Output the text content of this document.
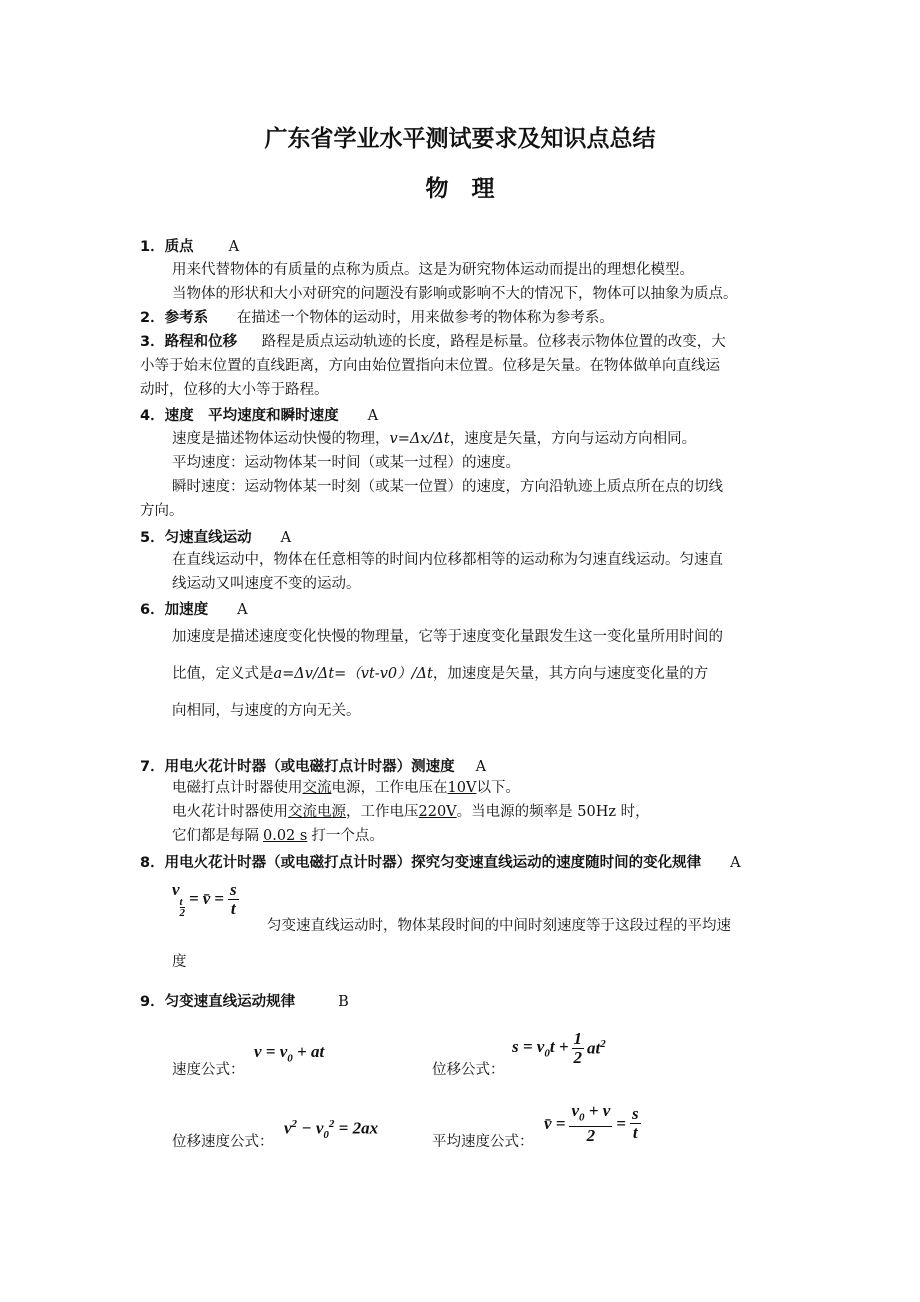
广东省学业水平测试要求及知识点总结
物　理
1．质点 A
用来代替物体的有质量的点称为质点。这是为研究物体运动而提出的理想化模型。
当物体的形状和大小对研究的问题没有影响或影响不大的情况下，物体可以抽象为质点。
2．参考系 在描述一个物体的运动时，用来做参考的物体称为参考系。
3．路程和位移 路程是质点运动轨迹的长度，路程是标量。位移表示物体位置的改变，大
小等于始末位置的直线距离，方向由始位置指向末位置。位移是矢量。在物体做单向直线运
动时，位移的大小等于路程。
4．速度　平均速度和瞬时速度 A
速度是描述物体运动快慢的物理，v=Δx/Δt，速度是矢量，方向与运动方向相同。
平均速度：运动物体某一时间（或某一过程）的速度。
瞬时速度：运动物体某一时刻（或某一位置）的速度，方向沿轨迹上质点所在点的切线
方向。
5．匀速直线运动 A
在直线运动中，物体在任意相等的时间内位移都相等的运动称为匀速直线运动。匀速直
线运动又叫速度不变的运动。
6．加速度 A
加速度是描述速度变化快慢的物理量，它等于速度变化量跟发生这一变化量所用时间的
比值，定义式是a=Δv/Δt=（vt-v0）/Δt，加速度是矢量，其方向与速度变化量的方
向相同，与速度的方向无关。
7．用电火花计时器（或电磁打点计时器）测速度 A
电磁打点计时器使用交流电源，工作电压在10V以下。
电火花计时器使用交流电源，工作电压220V。当电源的频率是 50Hz 时，
它们都是每隔 0.02 s 打一个点。
8．用电火花计时器（或电磁打点计时器）探究匀变速直线运动的速度随时间的变化规律 A
v
$_{\frac{t}{2}}$ = v̄ = $\frac{s}{t}$
匀变速直线运动时，物体某段时间的中间时刻速度等于这段过程的平均速
度
9．匀变速直线运动规律	B
速度公式：
$v = v_0$ + at
位移公式：
$s = v_0t + \frac{1}{2} at^2$
位移速度公式：
$v^2 - v_0^2 = 2ax$
平均速度公式：
v̄ = $\frac{v_0 + v}{2} = \frac{s}{t}$
